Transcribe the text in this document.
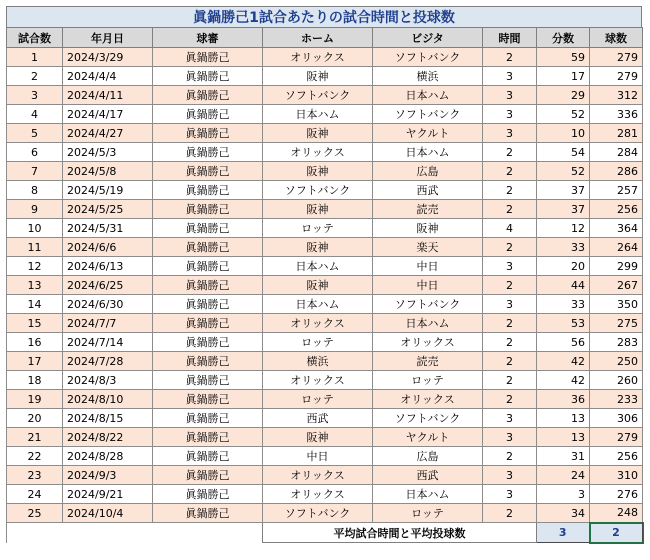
眞鍋勝己1試合あたりの試合時間と投球数
試合数	年月日	球審	ホーム	ビジタ	時間	分数	球数	
1	2024/3/29	眞鍋勝己	オリックス	ソフトバンク	2	59	279	
2	2024/4/4	眞鍋勝己	阪神	横浜	3	17	279	
3	2024/4/11	眞鍋勝己	ソフトバンク	日本ハム	3	29	312	
4	2024/4/17	眞鍋勝己	日本ハム	ソフトバンク	3	52	336	
5	2024/4/27	眞鍋勝己	阪神	ヤクルト	3	10	281	
6	2024/5/3	眞鍋勝己	オリックス	日本ハム	2	54	284	
7	2024/5/8	眞鍋勝己	阪神	広島	2	52	286	
8	2024/5/19	眞鍋勝己	ソフトバンク	西武	2	37	257	
9	2024/5/25	眞鍋勝己	阪神	読売	2	37	256	
10	2024/5/31	眞鍋勝己	ロッテ	阪神	4	12	364	
11	2024/6/6	眞鍋勝己	阪神	楽天	2	33	264	
12	2024/6/13	眞鍋勝己	日本ハム	中日	3	20	299	
13	2024/6/25	眞鍋勝己	阪神	中日	2	44	267	
14	2024/6/30	眞鍋勝己	日本ハム	ソフトバンク	3	33	350	
15	2024/7/7	眞鍋勝己	オリックス	日本ハム	2	53	275	
16	2024/7/14	眞鍋勝己	ロッテ	オリックス	2	56	283	
17	2024/7/28	眞鍋勝己	横浜	読売	2	42	250	
18	2024/8/3	眞鍋勝己	オリックス	ロッテ	2	42	260	
19	2024/8/10	眞鍋勝己	ロッテ	オリックス	2	36	233	
20	2024/8/15	眞鍋勝己	西武	ソフトバンク	3	13	306	
21	2024/8/22	眞鍋勝己	阪神	ヤクルト	3	13	279	
22	2024/8/28	眞鍋勝己	中日	広島	2	31	256	
23	2024/9/3	眞鍋勝己	オリックス	西武	3	24	310	
24	2024/9/21	眞鍋勝己	オリックス	日本ハム	3	3	276	
25	2024/10/4	眞鍋勝己	ソフトバンク	ロッテ	2	34	248	
			平均試合時間と平均投球数			3	2	
